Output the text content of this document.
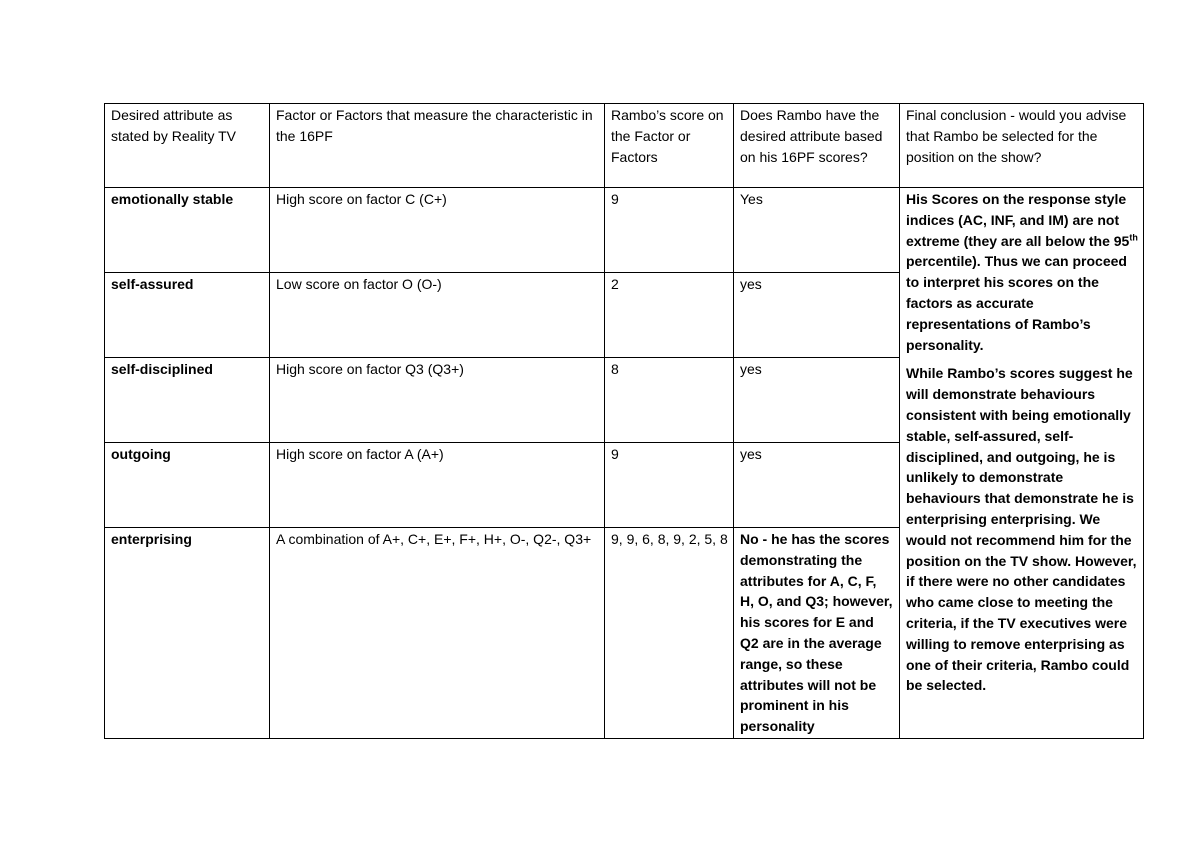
Desired attribute as stated by Reality TV	Factor or Factors that measure the characteristic in the 16PF	Rambo’s score on the Factor or Factors	Does Rambo have the desired attribute based on his 16PF scores?	Final conclusion - would you advise that Rambo be selected for the position on the show?
emotionally stable	High score on factor C (C+)	9	Yes	His Scores on the response style indices (AC, INF, and IM) are not extreme (they are all below the 95th percentile). Thus we can proceed to interpret his scores on the factors as accurate representations of Rambo’s personality.

While Rambo’s scores suggest he will demonstrate behaviours consistent with being emotionally stable, self-assured, self-disciplined, and outgoing, he is unlikely to demonstrate behaviours that demonstrate he is enterprising enterprising. We would not recommend him for the position on the TV show. However, if there were no other candidates who came close to meeting the criteria, if the TV executives were willing to remove enterprising as one of their criteria, Rambo could be selected.

self-assured	Low score on factor O (O-)	2	yes	
self-disciplined	High score on factor Q3 (Q3+)	8	yes	
outgoing	High score on factor A (A+)	9	yes	
enterprising	A combination of A+, C+, E+, F+, H+, O-, Q2-, Q3+	9, 9, 6, 8, 9, 2, 5, 8	No - he has the scores demonstrating the attributes for A, C, F, H, O, and Q3; however, his scores for E and Q2 are in the average range, so these attributes will not be prominent in his personality	
